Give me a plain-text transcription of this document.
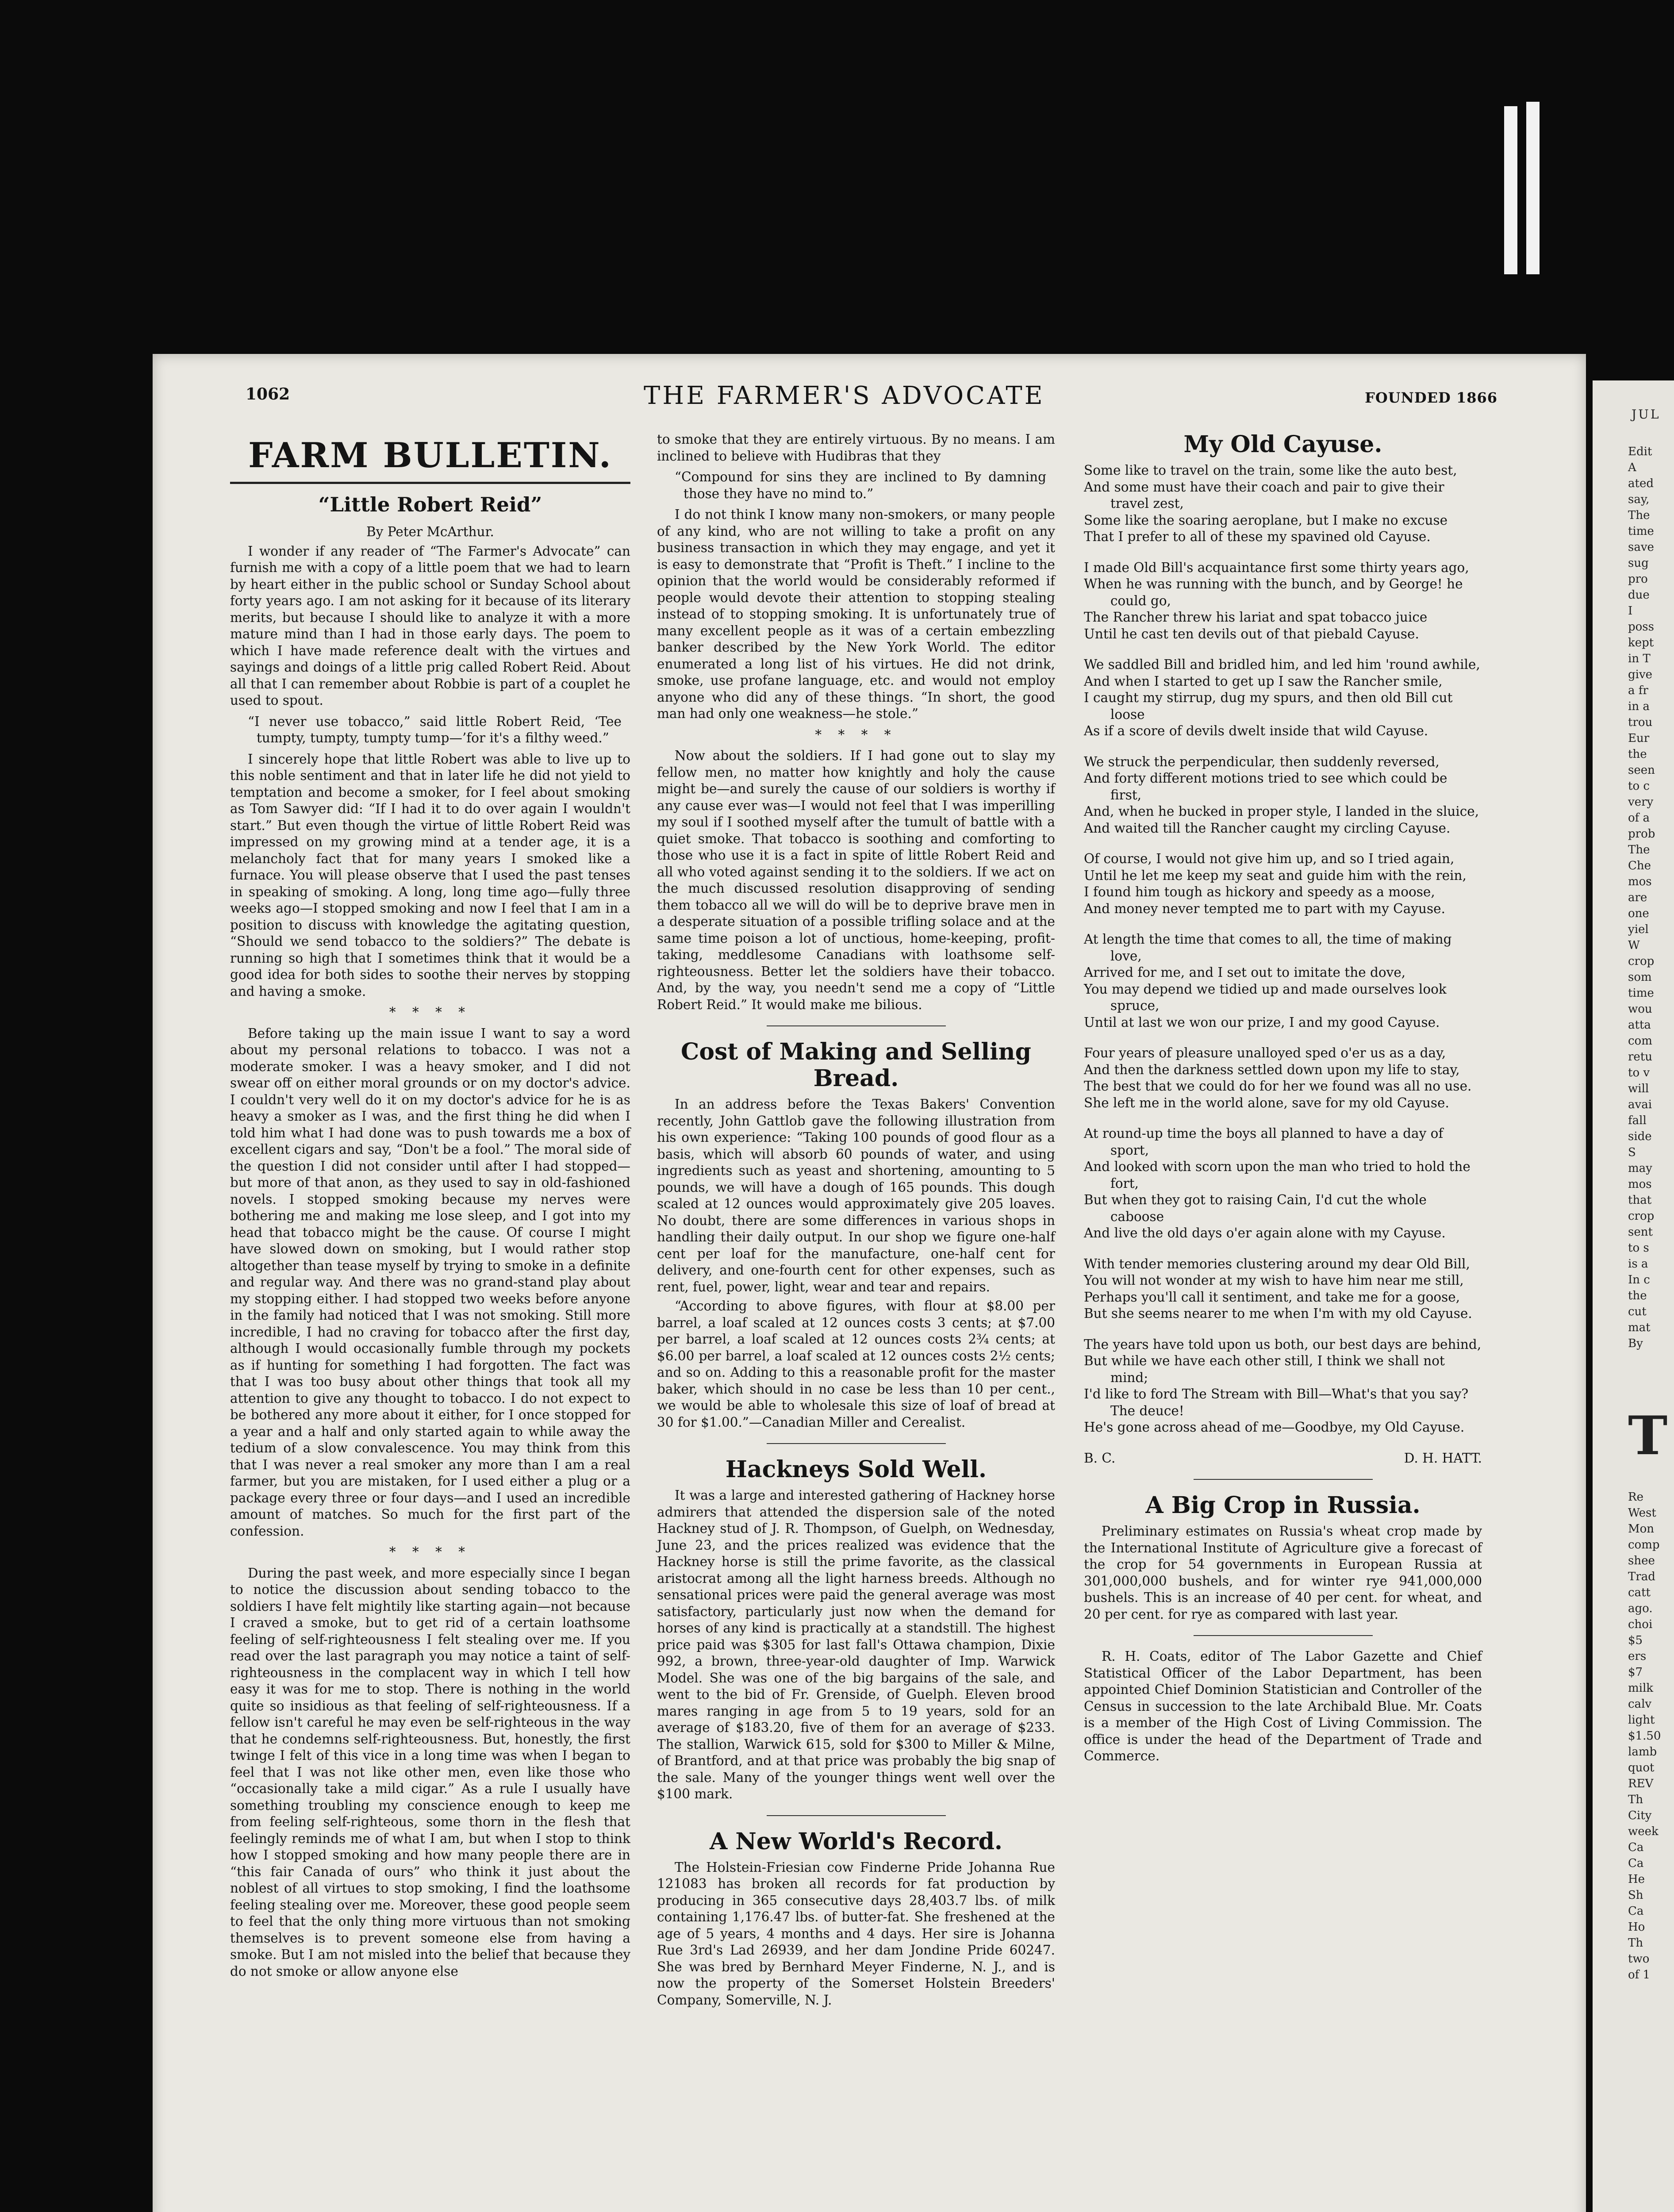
1062	THE FARMER'S ADVOCATE	FOUNDED 1866
FARM BULLETIN.
“Little Robert Reid”
By Peter McArthur.

I wonder if any reader of “The Farmer's Advocate” can furnish me with a copy of a little poem that we had to learn by heart either in the public school or Sunday School about forty years ago. I am not asking for it because of its literary merits, but because I should like to analyze it with a more mature mind than I had in those early days. The poem to which I have made reference dealt with the virtues and sayings and doings of a little prig called Robert Reid. About all that I can remember about Robbie is part of a couplet he used to spout.

“I never use tobacco,” said little Robert Reid, ‘Tee tumpty, tumpty, tumpty tump—’for it's a filthy weed.”

I sincerely hope that little Robert was able to live up to this noble sentiment and that in later life he did not yield to temptation and become a smoker, for I feel about smoking as Tom Sawyer did: “If I had it to do over again I wouldn't start.” But even though the virtue of little Robert Reid was impressed on my growing mind at a tender age, it is a melancholy fact that for many years I smoked like a furnace. You will please observe that I used the past tenses in speaking of smoking. A long, long time ago—fully three weeks ago—I stopped smoking and now I feel that I am in a position to discuss with knowledge the agitating question, “Should we send tobacco to the soldiers?” The debate is running so high that I sometimes think that it would be a good idea for both sides to soothe their nerves by stopping and having a smoke.

* * * *

Before taking up the main issue I want to say a word about my personal relations to tobacco. I was not a moderate smoker. I was a heavy smoker, and I did not swear off on either moral grounds or on my doctor's advice. I couldn't very well do it on my doctor's advice for he is as heavy a smoker as I was, and the first thing he did when I told him what I had done was to push towards me a box of excellent cigars and say, “Don't be a fool.” The moral side of the question I did not consider until after I had stopped—but more of that anon, as they used to say in old-fashioned novels. I stopped smoking because my nerves were bothering me and making me lose sleep, and I got into my head that tobacco might be the cause. Of course I might have slowed down on smoking, but I would rather stop altogether than tease myself by trying to smoke in a definite and regular way. And there was no grand-stand play about my stopping either. I had stopped two weeks before anyone in the family had noticed that I was not smoking. Still more incredible, I had no craving for tobacco after the first day, although I would occasionally fumble through my pockets as if hunting for something I had forgotten. The fact was that I was too busy about other things that took all my attention to give any thought to tobacco. I do not expect to be bothered any more about it either, for I once stopped for a year and a half and only started again to while away the tedium of a slow convalescence. You may think from this that I was never a real smoker any more than I am a real farmer, but you are mistaken, for I used either a plug or a package every three or four days—and I used an incredible amount of matches. So much for the first part of the confession.

* * * *

During the past week, and more especially since I began to notice the discussion about sending tobacco to the soldiers I have felt mightily like starting again—not because I craved a smoke, but to get rid of a certain loathsome feeling of self-righteousness I felt stealing over me. If you read over the last paragraph you may notice a taint of self-righteousness in the complacent way in which I tell how easy it was for me to stop. There is nothing in the world quite so insidious as that feeling of self-righteousness. If a fellow isn't careful he may even be self-righteous in the way that he condemns self-righteousness. But, honestly, the first twinge I felt of this vice in a long time was when I began to feel that I was not like other men, even like those who “occasionally take a mild cigar.” As a rule I usually have something troubling my conscience enough to keep me from feeling self-righteous, some thorn in the flesh that feelingly reminds me of what I am, but when I stop to think how I stopped smoking and how many people there are in “this fair Canada of ours” who think it just about the noblest of all virtues to stop smoking, I find the loathsome feeling stealing over me. Moreover, these good people seem to feel that the only thing more virtuous than not smoking themselves is to prevent someone else from having a smoke. But I am not misled into the belief that because they do not smoke or allow anyone else

to smoke that they are entirely virtuous. By no means. I am inclined to believe with Hudibras that they

“Compound for sins they are inclined to By damning those they have no mind to.”

I do not think I know many non-smokers, or many people of any kind, who are not willing to take a profit on any business transaction in which they may engage, and yet it is easy to demonstrate that “Profit is Theft.” I incline to the opinion that the world would be considerably reformed if people would devote their attention to stopping stealing instead of to stopping smoking. It is unfortunately true of many excellent people as it was of a certain embezzling banker described by the New York World. The editor enumerated a long list of his virtues. He did not drink, smoke, use profane language, etc. and would not employ anyone who did any of these things. “In short, the good man had only one weakness—he stole.”

* * * *

Now about the soldiers. If I had gone out to slay my fellow men, no matter how knightly and holy the cause might be—and surely the cause of our soldiers is worthy if any cause ever was—I would not feel that I was imperilling my soul if I soothed myself after the tumult of battle with a quiet smoke. That tobacco is soothing and comforting to those who use it is a fact in spite of little Robert Reid and all who voted against sending it to the soldiers. If we act on the much discussed resolution disapproving of sending them tobacco all we will do will be to deprive brave men in a desperate situation of a possible trifling solace and at the same time poison a lot of unctious, home-keeping, profit-taking, meddlesome Canadians with loathsome self-righteousness. Better let the soldiers have their tobacco. And, by the way, you needn't send me a copy of “Little Robert Reid.” It would make me bilious.

Cost of Making and Selling Bread.

In an address before the Texas Bakers' Convention recently, John Gattlob gave the following illustration from his own experience: “Taking 100 pounds of good flour as a basis, which will absorb 60 pounds of water, and using ingredients such as yeast and shortening, amounting to 5 pounds, we will have a dough of 165 pounds. This dough scaled at 12 ounces would approximately give 205 loaves. No doubt, there are some differences in various shops in handling their daily output. In our shop we figure one-half cent per loaf for the manufacture, one-half cent for delivery, and one-fourth cent for other expenses, such as rent, fuel, power, light, wear and tear and repairs.

“According to above figures, with flour at $8.00 per barrel, a loaf scaled at 12 ounces costs 3 cents; at $7.00 per barrel, a loaf scaled at 12 ounces costs 2¾ cents; at $6.00 per barrel, a loaf scaled at 12 ounces costs 2½ cents; and so on. Adding to this a reasonable profit for the master baker, which should in no case be less than 10 per cent., we would be able to wholesale this size of loaf of bread at 30 for $1.00.”—Canadian Miller and Cerealist.

Hackneys Sold Well.

It was a large and interested gathering of Hackney horse admirers that attended the dispersion sale of the noted Hackney stud of J. R. Thompson, of Guelph, on Wednesday, June 23, and the prices realized was evidence that the Hackney horse is still the prime favorite, as the classical aristocrat among all the light harness breeds. Although no sensational prices were paid the general average was most satisfactory, particularly just now when the demand for horses of any kind is practically at a standstill. The highest price paid was $305 for last fall's Ottawa champion, Dixie 992, a brown, three-year-old daughter of Imp. Warwick Model. She was one of the big bargains of the sale, and went to the bid of Fr. Grenside, of Guelph. Eleven brood mares ranging in age from 5 to 19 years, sold for an average of $183.20, five of them for an average of $233. The stallion, Warwick 615, sold for $300 to Miller & Milne, of Brantford, and at that price was probably the big snap of the sale. Many of the younger things went well over the $100 mark.

A New World's Record.

The Holstein-Friesian cow Finderne Pride Johanna Rue 121083 has broken all records for fat production by producing in 365 consecutive days 28,403.7 lbs. of milk containing 1,176.47 lbs. of butter-fat. She freshened at the age of 5 years, 4 months and 4 days. Her sire is Johanna Rue 3rd's Lad 26939, and her dam Jondine Pride 60247. She was bred by Bernhard Meyer Finderne, N. J., and is now the property of the Somerset Holstein Breeders' Company, Somerville, N. J.

My Old Cayuse.
Some like to travel on the train, some like the auto best,
And some must have their coach and pair to give their travel zest,
Some like the soaring aeroplane, but I make no excuse
That I prefer to all of these my spavined old Cayuse.
I made Old Bill's acquaintance first some thirty years ago,
When he was running with the bunch, and by George! he could go,
The Rancher threw his lariat and spat tobacco juice
Until he cast ten devils out of that piebald Cayuse.
We saddled Bill and bridled him, and led him 'round awhile,
And when I started to get up I saw the Rancher smile,
I caught my stirrup, dug my spurs, and then old Bill cut loose
As if a score of devils dwelt inside that wild Cayuse.
We struck the perpendicular, then suddenly reversed,
And forty different motions tried to see which could be first,
And, when he bucked in proper style, I landed in the sluice,
And waited till the Rancher caught my circling Cayuse.
Of course, I would not give him up, and so I tried again,
Until he let me keep my seat and guide him with the rein,
I found him tough as hickory and speedy as a moose,
And money never tempted me to part with my Cayuse.
At length the time that comes to all, the time of making love,
Arrived for me, and I set out to imitate the dove,
You may depend we tidied up and made ourselves look spruce,
Until at last we won our prize, I and my good Cayuse.
Four years of pleasure unalloyed sped o'er us as a day,
And then the darkness settled down upon my life to stay,
The best that we could do for her we found was all no use.
She left me in the world alone, save for my old Cayuse.
At round-up time the boys all planned to have a day of sport,
And looked with scorn upon the man who tried to hold the fort,
But when they got to raising Cain, I'd cut the whole caboose
And live the old days o'er again alone with my Cayuse.
With tender memories clustering around my dear Old Bill,
You will not wonder at my wish to have him near me still,
Perhaps you'll call it sentiment, and take me for a goose,
But she seems nearer to me when I'm with my old Cayuse.
The years have told upon us both, our best days are behind,
But while we have each other still, I think we shall not mind;
I'd like to ford The Stream with Bill—What's that you say? The deuce!
He's gone across ahead of me—Goodbye, my Old Cayuse.
B. C.	D. H. HATT.
A Big Crop in Russia.

Preliminary estimates on Russia's wheat crop made by the International Institute of Agriculture give a forecast of the crop for 54 governments in European Russia at 301,000,000 bushels, and for winter rye 941,000,000 bushels. This is an increase of 40 per cent. for wheat, and 20 per cent. for rye as compared with last year.

R. H. Coats, editor of The Labor Gazette and Chief Statistical Officer of the Labor Department, has been appointed Chief Dominion Statistician and Controller of the Census in succession to the late Archibald Blue. Mr. Coats is a member of the High Cost of Living Commission. The office is under the head of the Department of Trade and Commerce.

JUL
Edit
A
ated
say,
The
time
save
sug
pro
due
I
poss
kept
in T
give
a fr
in a
trou
Eur
the
seen
to c
very
of a
prob
The
Che
mos
are
one
yiel
W
crop
som
time
wou
atta
com
retu
to v
will
avai
fall
side
S
may
mos
that
crop
sent
to s
is a
In c
the
cut
mat
By
T
Re
West
Mon
comp
shee
Trad
catt
ago.
choi
$5
ers
$7
milk
calv
light
$1.50
lamb
quot
REV
Th
City
week
Ca
Ca
He
Sh
Ca
Ho
Th
two
of 1
